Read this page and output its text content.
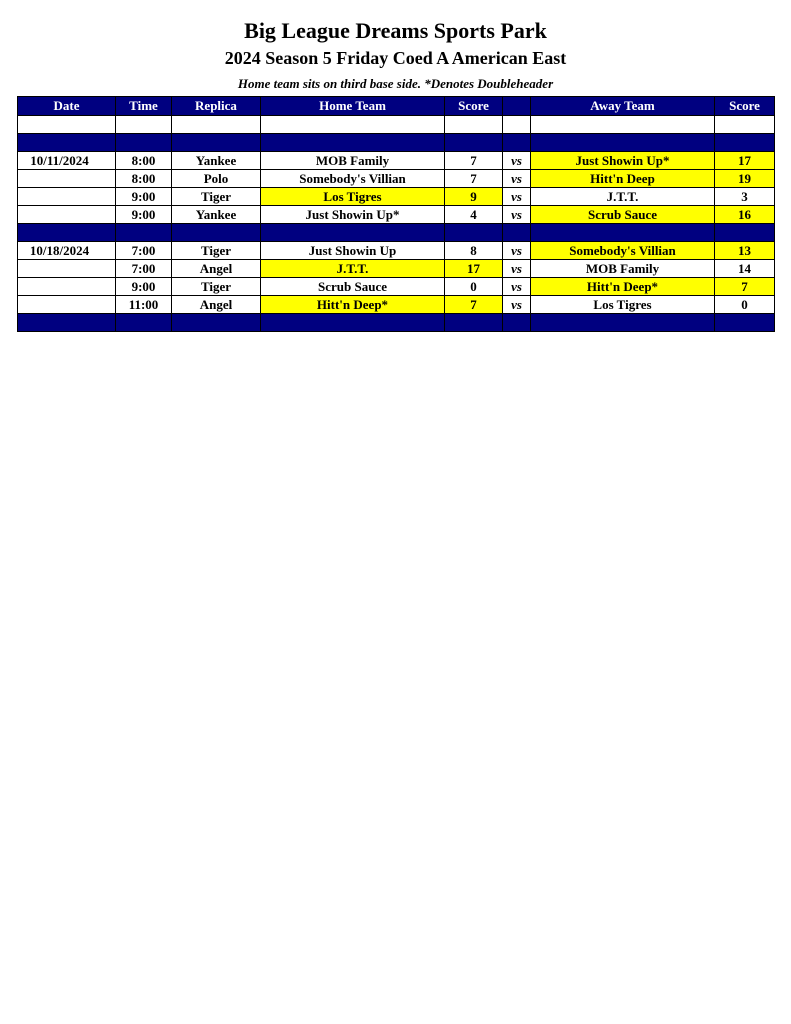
Big League Dreams Sports Park
2024 Season 5 Friday Coed A American East
Home team sits on third base side. *Denotes Doubleheader
Date	Time	Replica	Home Team	Score		Away Team	Score

10/11/2024	8:00	Yankee	MOB Family	7	vs	Just Showin Up*	17
	8:00	Polo	Somebody's Villian	7	vs	Hitt'n Deep	19
	9:00	Tiger	Los Tigres	9	vs	J.T.T.	3
	9:00	Yankee	Just Showin Up*	4	vs	Scrub Sauce	16

10/18/2024	7:00	Tiger	Just Showin Up	8	vs	Somebody's Villian	13
	7:00	Angel	J.T.T.	17	vs	MOB Family	14
	9:00	Tiger	Scrub Sauce	0	vs	Hitt'n Deep*	7
	11:00	Angel	Hitt'n Deep*	7	vs	Los Tigres	0
